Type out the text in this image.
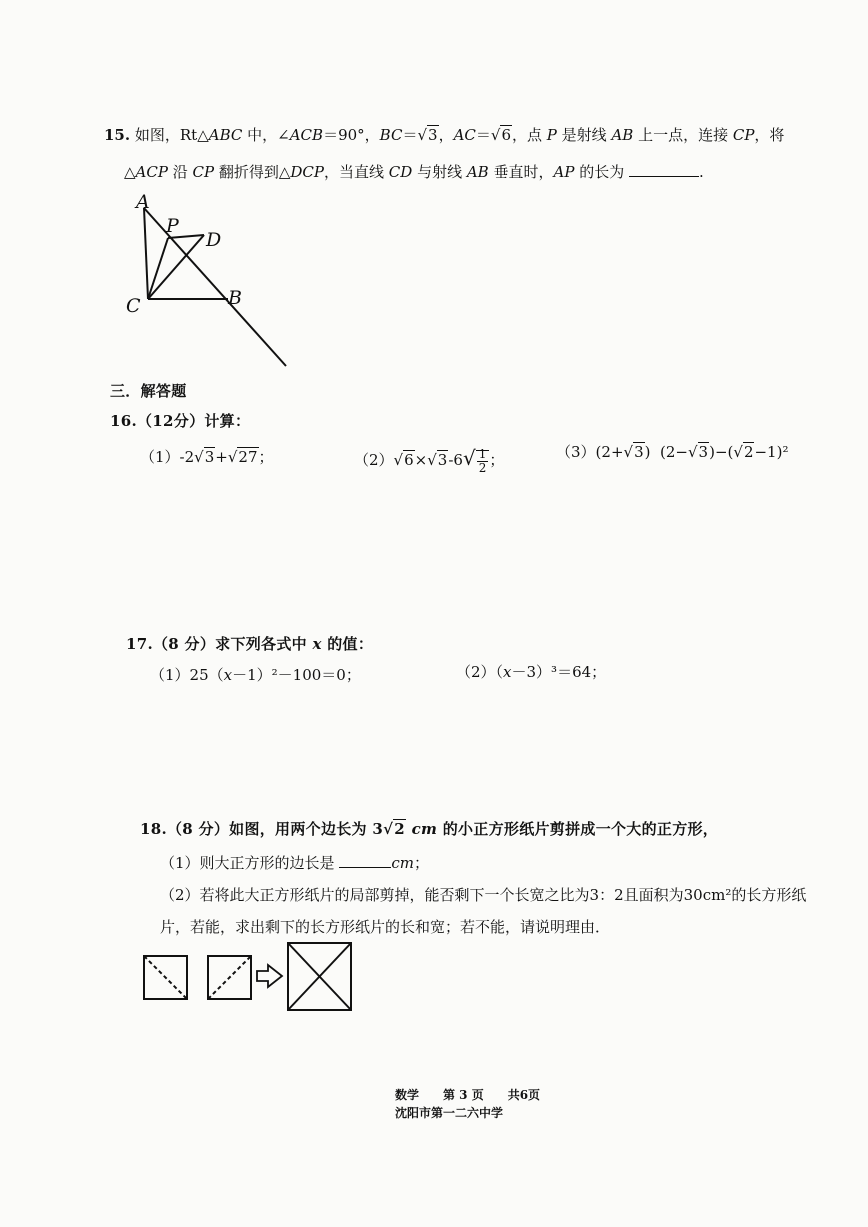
15. 如图，Rt△ABC 中，∠ACB＝90°，BC＝√3，AC＝√6，点 P 是射线 AB 上一点，连接 CP，将
△ACP 沿 CP 翻折得到△DCP，当直线 CD 与射线 AB 垂直时，AP 的长为	.
A
P
D
C	B
三．解答题
16.（12分）计算：
（1）-2√3+√27；	$(2)√6\times√3-6√ \frac{1}{2}$ ；	（3）(2+√3)  (2−√3)−(√2−1)²
17.（8 分）求下列各式中 x 的值：
（1）25（x－1）²－100＝0；	（2）（x－3）³＝64；
18.（8 分）如图，用两个边长为 3√2 cm 的小正方形纸片剪拼成一个大的正方形，
（1）则大正方形的边长是	cm；
（2）若将此大正方形纸片的局部剪掉，能否剩下一个长宽之比为3：2且面积为30cm²的长方形纸
片，若能，求出剩下的长方形纸片的长和宽；若不能，请说明理由．
数学　　第 3 页　　共6页
沈阳市第一二六中学
